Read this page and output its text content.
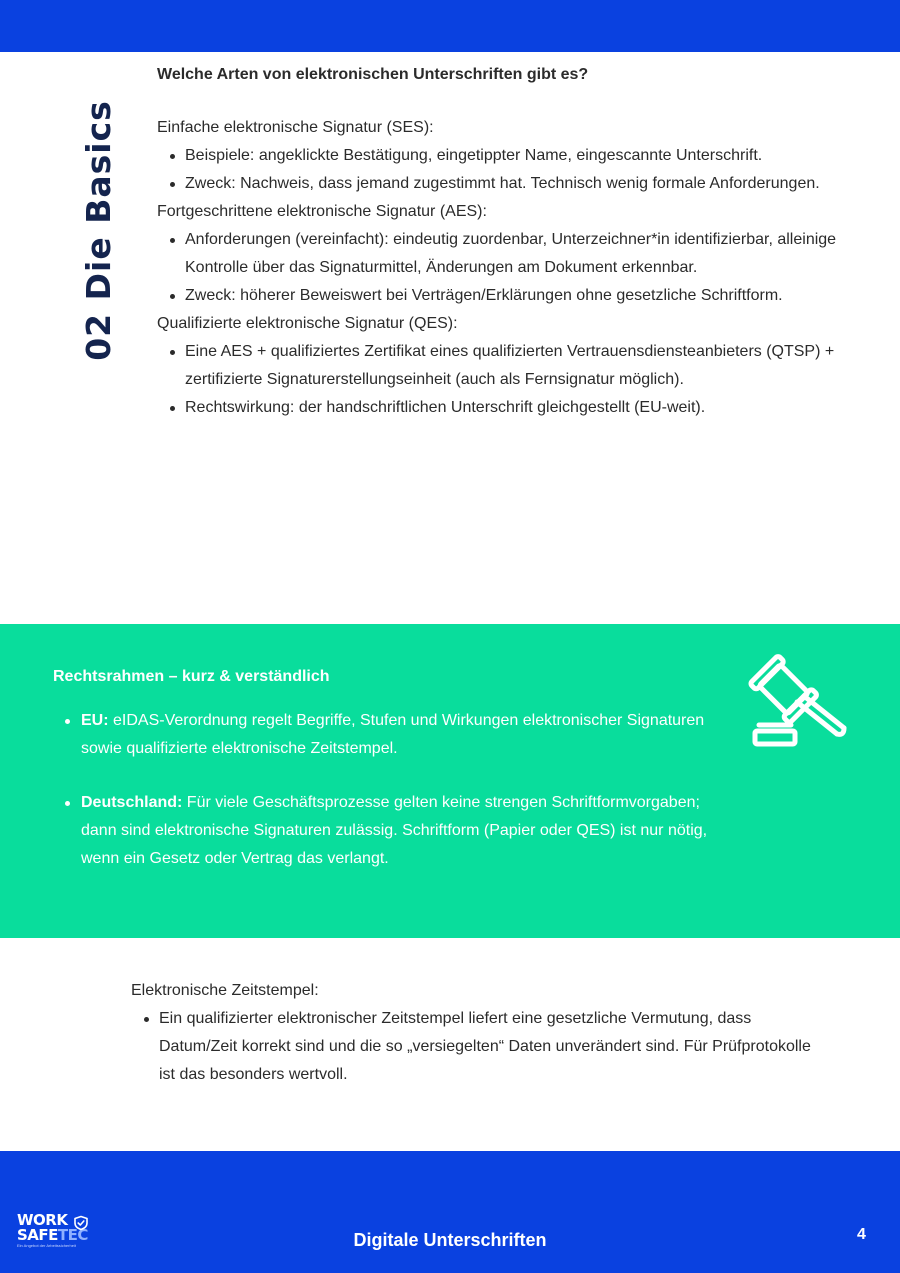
02 Die Basics
Welche Arten von elektronischen Unterschriften gibt es?

Einfache elektronische Signatur (SES):

Beispiele: angeklickte Bestätigung, eingetippter Name, eingescannte Unterschrift.
Zweck: Nachweis, dass jemand zugestimmt hat. Technisch wenig formale Anforderungen.

Fortgeschrittene elektronische Signatur (AES):

Anforderungen (vereinfacht): eindeutig zuordenbar, Unterzeichner*in identifizierbar, alleinige Kontrolle über das Signaturmittel, Änderungen am Dokument erkennbar.
Zweck: höherer Beweiswert bei Verträgen/Erklärungen ohne gesetzliche Schriftform.

Qualifizierte elektronische Signatur (QES):

Eine AES + qualifiziertes Zertifikat eines qualifizierten Vertrauensdiensteanbieters (QTSP) + zertifizierte Signaturerstellungseinheit (auch als Fernsignatur möglich).
Rechtswirkung: der handschriftlichen Unterschrift gleichgestellt (EU-weit).
Rechtsrahmen – kurz & verständlich
EU: eIDAS-Verordnung regelt Begriffe, Stufen und Wirkungen elektronischer Signaturen sowie qualifizierte elektronische Zeitstempel.
Deutschland: Für viele Geschäftsprozesse gelten keine strengen Schriftformvorgaben; dann sind elektronische Signaturen zulässig. Schriftform (Papier oder QES) ist nur nötig, wenn ein Gesetz oder Vertrag das verlangt.

Elektronische Zeitstempel:

Ein qualifizierter elektronischer Zeitstempel liefert eine gesetzliche Vermutung, dass Datum/Zeit korrekt sind und die so „versiegelten“ Daten unverändert sind. Für Prüfprotokolle ist das besonders wertvoll.
WORK
SAFETEC
Ein Angebot der Arbeitssicherheit	Digitale Unterschriften	4
